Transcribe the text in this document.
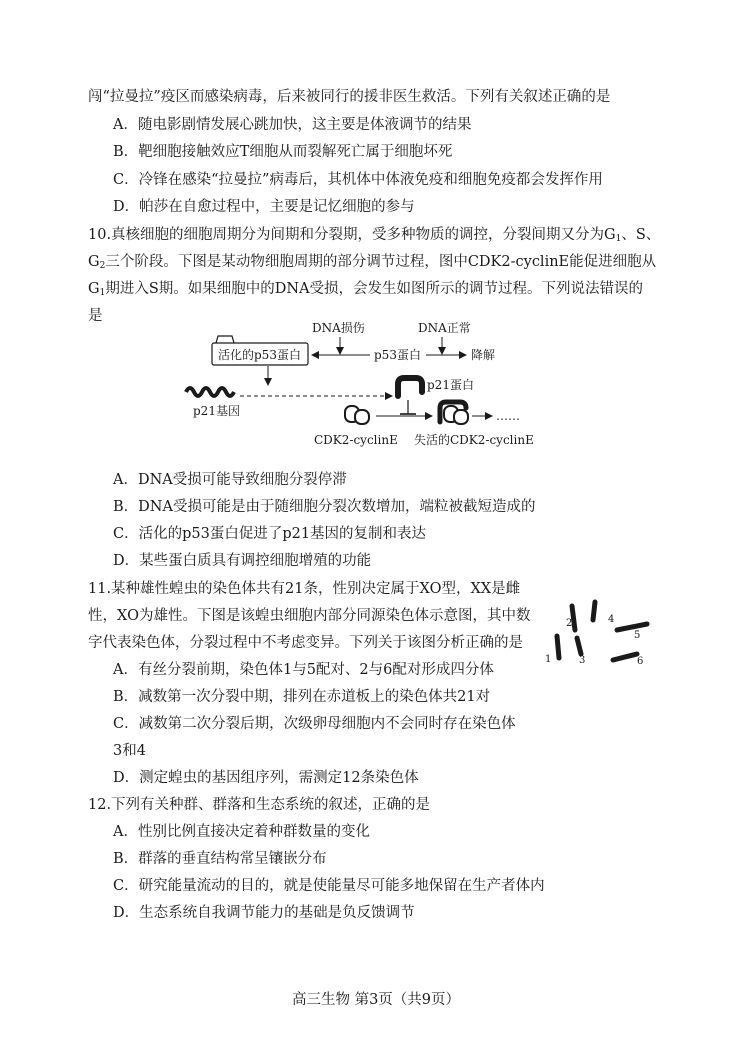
闯“拉曼拉”疫区而感染病毒，后来被同行的援非医生救活。下列有关叙述正确的是
A．随电影剧情发展心跳加快，这主要是体液调节的结果
B．靶细胞接触效应T细胞从而裂解死亡属于细胞坏死
C．冷锋在感染“拉曼拉”病毒后，其机体中体液免疫和细胞免疫都会发挥作用
D．帕莎在自愈过程中，主要是记忆细胞的参与
10.真核细胞的细胞周期分为间期和分裂期，受多种物质的调控，分裂间期又分为$G_1$、S、
$G_2$三个阶段。下图是某动物细胞周期的部分调节过程，图中CDK2-cyclinE能促进细胞从
$G_1$期进入S期。如果细胞中的DNA受损，会发生如图所示的调节过程。下列说法错误的
是
DNA损伤	DNA正常
活化的p53蛋白	p53蛋白	降解
p21基因
p21蛋白
……
CDK2-cyclinE 失活的CDK2-cyclinE
A．DNA受损可能导致细胞分裂停滞
B．DNA受损可能是由于随细胞分裂次数增加，端粒被截短造成的
C．活化的p53蛋白促进了p21基因的复制和表达
D．某些蛋白质具有调控细胞增殖的功能
11.某种雄性蝗虫的染色体共有21条，性别决定属于XO型，XX是雌
性，XO为雄性。下图是该蝗虫细胞内部分同源染色体示意图，其中数
字代表染色体，分裂过程中不考虑变异。下列关于该图分析正确的是
A．有丝分裂前期，染色体1与5配对、2与6配对形成四分体
B．减数第一次分裂中期，排列在赤道板上的染色体共21对
C．减数第二次分裂后期，次级卵母细胞内不会同时存在染色体
3和4
D．测定蝗虫的基因组序列，需测定12条染色体
1
2
3
4
5
6
12.下列有关种群、群落和生态系统的叙述，正确的是
A．性别比例直接决定着种群数量的变化
B．群落的垂直结构常呈镶嵌分布
C．研究能量流动的目的，就是使能量尽可能多地保留在生产者体内
D．生态系统自我调节能力的基础是负反馈调节
高三生物 第3页（共9页）
